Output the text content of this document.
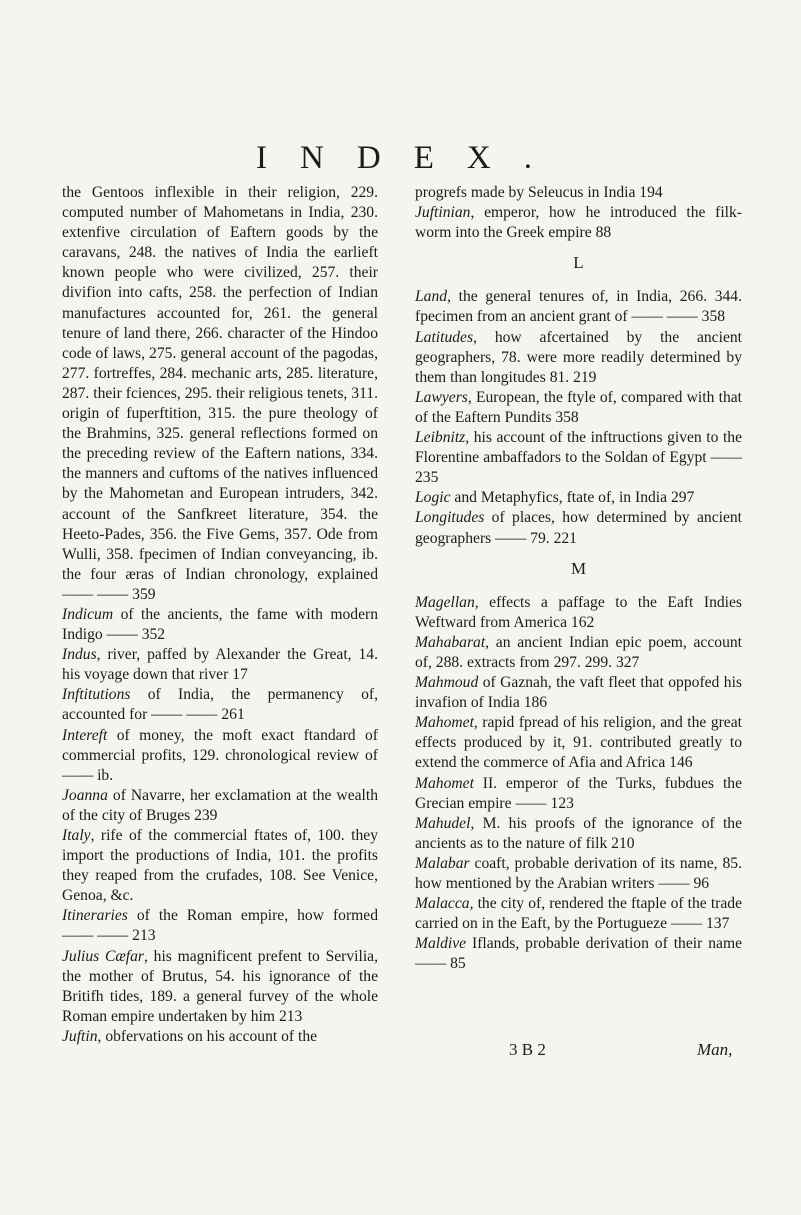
INDEX.

the Gentoos inflexible in their religion, 229. computed number of Mahometans in India, 230. extenfive circulation of Eaftern goods by the caravans, 248. the natives of India the earlieft known people who were civilized, 257. their divifion into cafts, 258. the perfection of Indian manufactures accounted for, 261. the general tenure of land there, 266. character of the Hindoo code of laws, 275. general account of the pagodas, 277. fortreffes, 284. mechanic arts, 285. literature, 287. their fciences, 295. their religious tenets, 311. origin of fuperftition, 315. the pure theology of the Brahmins, 325. general reflections formed on the preceding review of the Eaftern nations, 334. the manners and cuftoms of the natives influenced by the Mahometan and European intruders, 342. account of the Sanfkreet literature, 354. the Heeto-Pades, 356. the Five Gems, 357. Ode from Wulli, 358. fpecimen of Indian conveyancing, ib. the four æras of Indian chronology, explained —— —— 359

Indicum of the ancients, the fame with modern Indigo —— 352

Indus, river, paffed by Alexander the Great, 14. his voyage down that river 17

Inftitutions of India, the permanency of, accounted for —— —— 261

Intereft of money, the moft exact ftandard of commercial profits, 129. chronological review of —— ib.

Joanna of Navarre, her exclamation at the wealth of the city of Bruges 239

Italy, rife of the commercial ftates of, 100. they import the productions of India, 101. the profits they reaped from the crufades, 108. See Venice, Genoa, &c.

Itineraries of the Roman empire, how formed —— —— 213

Julius Cæfar, his magnificent prefent to Servilia, the mother of Brutus, 54. his ignorance of the Britifh tides, 189. a general furvey of the whole Roman empire undertaken by him 213

Juftin, obfervations on his account of the

progrefs made by Seleucus in India 194

Juftinian, emperor, how he introduced the filk-worm into the Greek empire 88

L

Land, the general tenures of, in India, 266. 344. fpecimen from an ancient grant of —— —— 358

Latitudes, how afcertained by the ancient geographers, 78. were more readily determined by them than longitudes 81. 219

Lawyers, European, the ftyle of, compared with that of the Eaftern Pundits 358

Leibnitz, his account of the inftructions given to the Florentine ambaffadors to the Soldan of Egypt —— 235

Logic and Metaphyfics, ftate of, in India 297

Longitudes of places, how determined by ancient geographers —— 79. 221

M

Magellan, effects a paffage to the Eaft Indies Weftward from America 162

Mahabarat, an ancient Indian epic poem, account of, 288. extracts from 297. 299. 327

Mahmoud of Gaznah, the vaft fleet that oppofed his invafion of India 186

Mahomet, rapid fpread of his religion, and the great effects produced by it, 91. contributed greatly to extend the commerce of Afia and Africa 146

Mahomet II. emperor of the Turks, fubdues the Grecian empire —— 123

Mahudel, M. his proofs of the ignorance of the ancients as to the nature of filk 210

Malabar coaft, probable derivation of its name, 85. how mentioned by the Arabian writers —— 96

Malacca, the city of, rendered the ftaple of the trade carried on in the Eaft, by the Portugueze —— 137

Maldive Iflands, probable derivation of their name —— 85

3 B 2	Man,
